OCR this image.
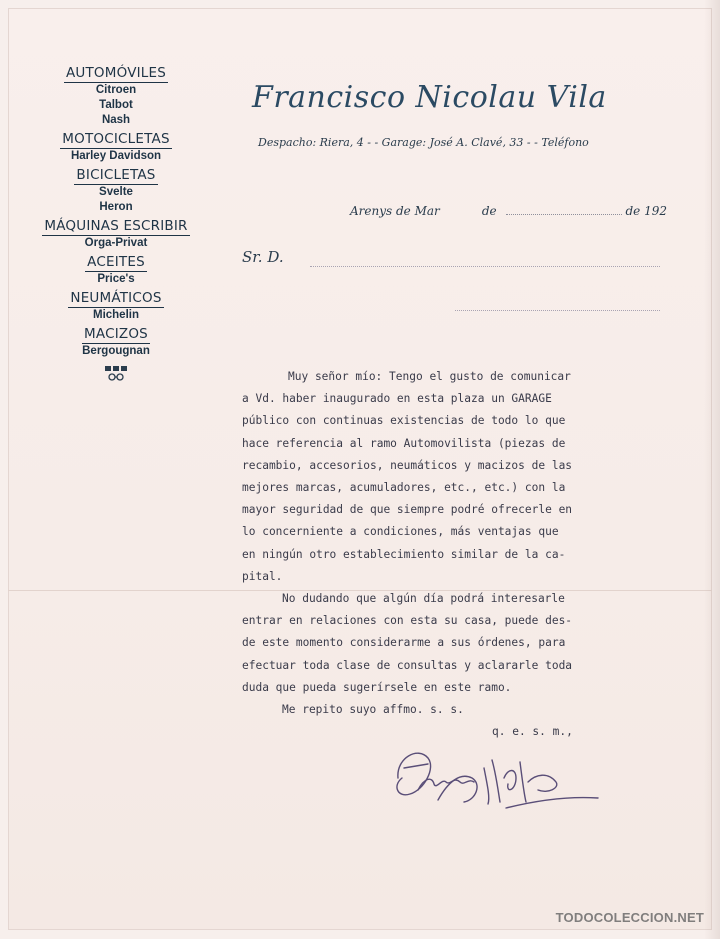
AUTOMÓVILES
Citroen
Talbot
Nash
MOTOCICLETAS
Harley Davidson
BICICLETAS
Svelte
Heron
MÁQUINAS ESCRIBIR
Orga-Privat
ACEITES
Price's
NEUMÁTICOS
Michelin
MACIZOS
Bergougnan
Francisco Nicolau Vila
Despacho: Riera, 4 - - Garage: José A. Clavé, 33 - - Teléfono
Arenys de Mar	de	de 192
Sr. D.
Muy señor mío: Tengo el gusto de comunicar
a Vd. haber inaugurado en esta plaza un GARAGE
público con continuas existencias de todo lo que
hace referencia al ramo Automovilista (piezas de
recambio, accesorios, neumáticos y macizos de las
mejores marcas, acumuladores, etc., etc.) con la
mayor seguridad de que siempre podré ofrecerle en
lo concerniente a condiciones, más ventajas que
en ningún otro establecimiento similar de la ca-
pital.
No dudando que algún día podrá interesarle
entrar en relaciones con esta su casa, puede des-
de este momento considerarme a sus órdenes, para
efectuar toda clase de consultas y aclararle toda
duda que pueda sugerírsele en este ramo.
Me repito suyo affmo. s. s.
q. e. s. m.,
TODOCOLECCION.NET
